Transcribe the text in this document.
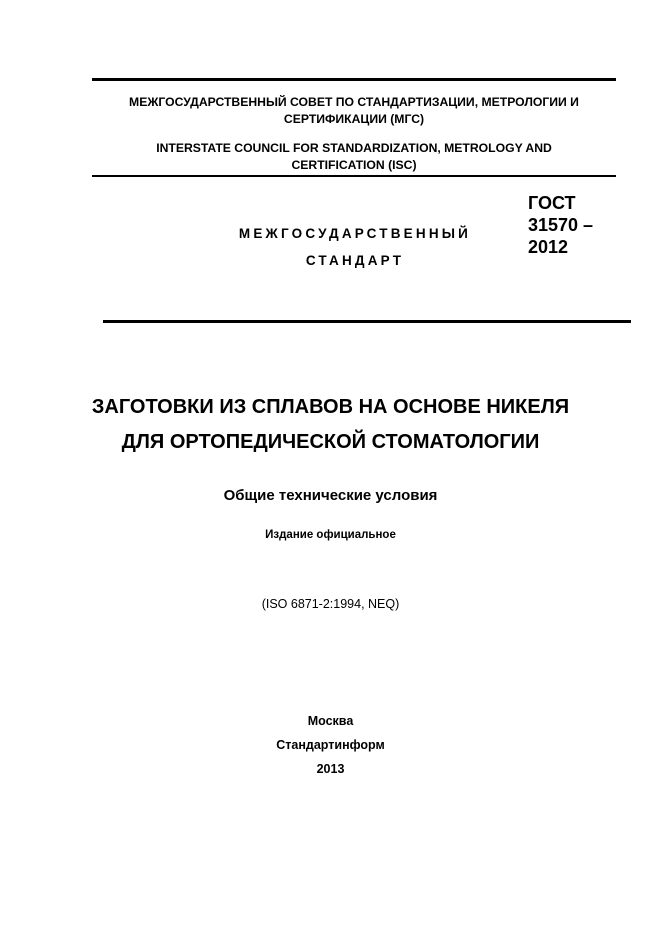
МЕЖГОСУДАРСТВЕННЫЙ СОВЕТ ПО СТАНДАРТИЗАЦИИ, МЕТРОЛОГИИ И
СЕРТИФИКАЦИИ (МГС)
INTERSTATE COUNCIL FOR STANDARDIZATION, METROLOGY AND
CERTIFICATION (ISC)
МЕЖГОСУДАРСТВЕННЫЙ
СТАНДАРТ
ГОСТ
31570 –
2012
ЗАГОТОВКИ ИЗ СПЛАВОВ НА ОСНОВЕ НИКЕЛЯ
ДЛЯ ОРТОПЕДИЧЕСКОЙ СТОМАТОЛОГИИ
Общие технические условия
Издание официальное
(ISO 6871-2:1994, NEQ)
Москва
Стандартинформ
2013
